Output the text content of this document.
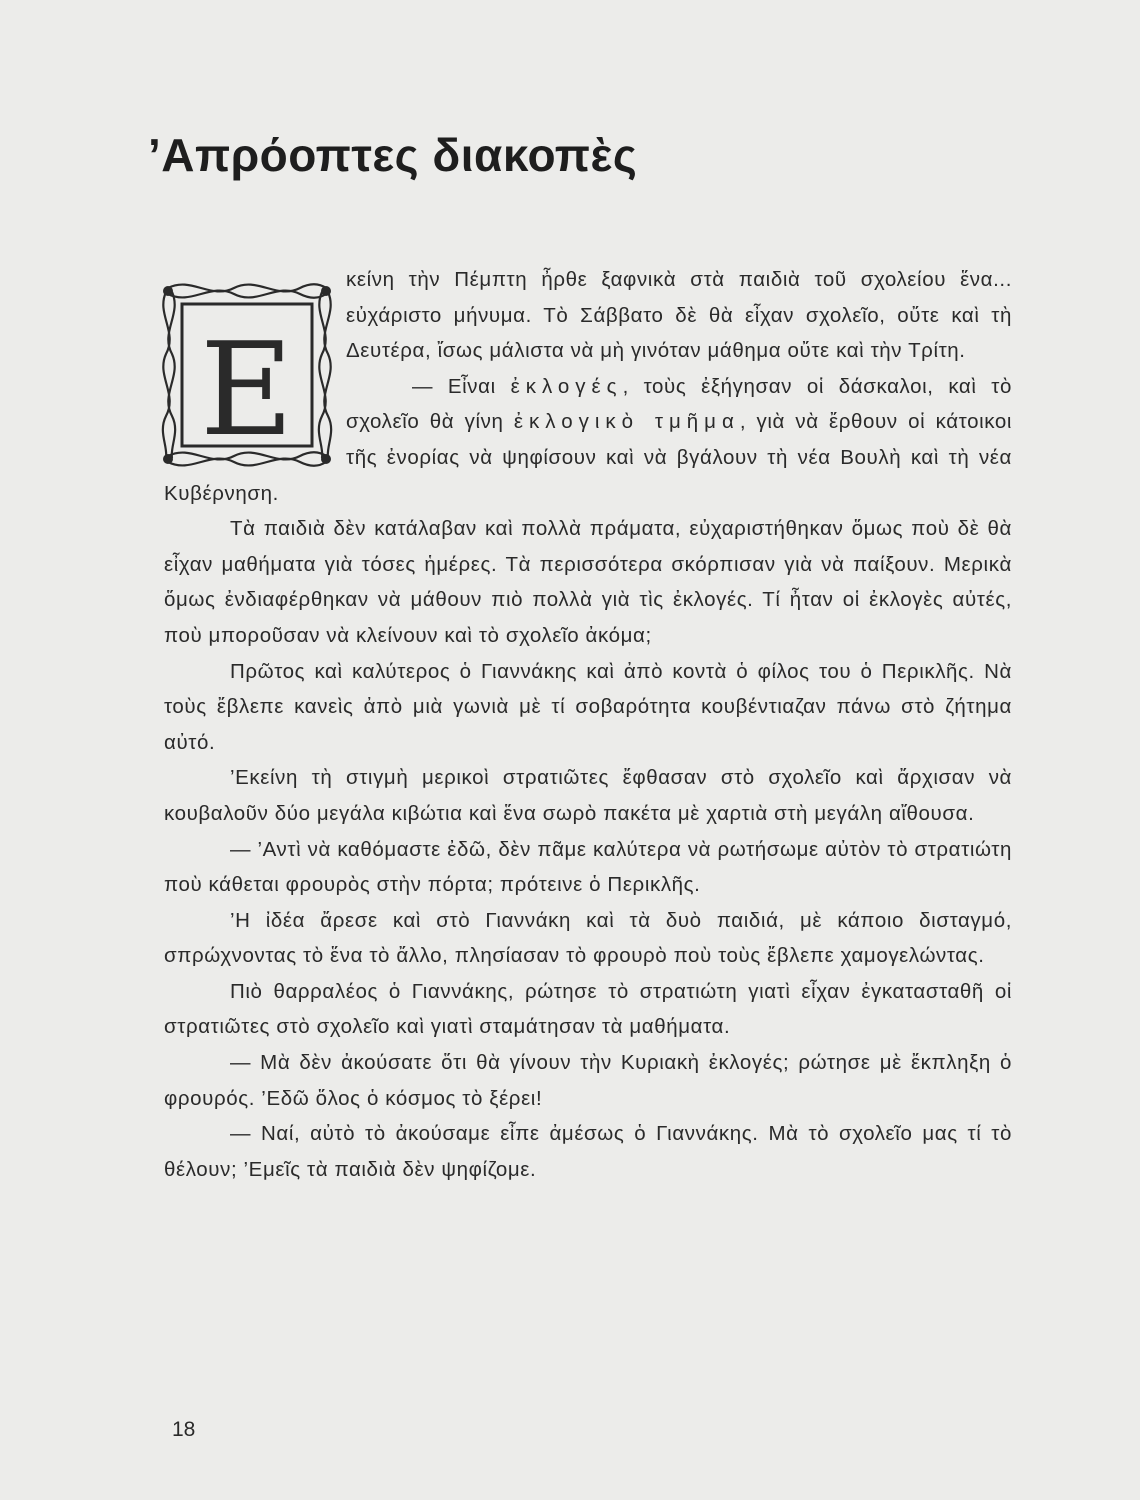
’Απρόοπτες διακοπὲς

Ε
κείνη τὴν Πέμπτη ἦρθε ξαφνικὰ στὰ παιδιὰ τοῦ σχολείου ἕνα... εὐχάριστο μήνυμα. Τὸ Σάββατο δὲ θὰ εἶχαν σχολεῖο, οὔτε καὶ τὴ Δευτέρα, ἴσως μάλιστα νὰ μὴ γινόταν μάθημα οὔτε καὶ τὴν Τρίτη.

— Εἶναι ἐκλογές, τοὺς ἐξήγησαν οἱ δάσκαλοι, καὶ τὸ σχολεῖο θὰ γίνη ἐκλογικὸ τμῆμα, γιὰ νὰ ἔρθουν οἱ κάτοικοι τῆς ἐνορίας νὰ ψηφίσουν καὶ νὰ βγάλουν τὴ νέα Βουλὴ καὶ τὴ νέα Κυβέρνηση.

Τὰ παιδιὰ δὲν κατάλαβαν καὶ πολλὰ πράματα, εὐχαριστήθηκαν ὅμως ποὺ δὲ θὰ εἶχαν μαθήματα γιὰ τόσες ἡμέρες. Τὰ περισσότερα σκόρπισαν γιὰ νὰ παίξουν. Μερικὰ ὅμως ἐνδιαφέρθηκαν νὰ μάθουν πιὸ πολλὰ γιὰ τὶς ἐκλογές. Τί ἦταν οἱ ἐκλογὲς αὐτές, ποὺ μποροῦσαν νὰ κλείνουν καὶ τὸ σχολεῖο ἀκόμα;

Πρῶτος καὶ καλύτερος ὁ Γιαννάκης καὶ ἀπὸ κοντὰ ὁ φίλος του ὁ Περικλῆς. Νὰ τοὺς ἔβλεπε κανεὶς ἀπὸ μιὰ γωνιὰ μὲ τί σοβαρότητα κουβέντιαζαν πάνω στὸ ζήτημα αὐτό.

’Εκείνη τὴ στιγμὴ μερικοὶ στρατιῶτες ἔφθασαν στὸ σχολεῖο καὶ ἄρχισαν νὰ κουβαλοῦν δύο μεγάλα κιβώτια καὶ ἕνα σωρὸ πακέτα μὲ χαρτιὰ στὴ μεγάλη αἴθουσα.

— ’Αντὶ νὰ καθόμαστε ἐδῶ, δὲν πᾶμε καλύτερα νὰ ρωτήσωμε αὐτὸν τὸ στρατιώτη ποὺ κάθεται φρουρὸς στὴν πόρτα; πρότεινε ὁ Περικλῆς.

’Η ἰδέα ἄρεσε καὶ στὸ Γιαννάκη καὶ τὰ δυὸ παιδιά, μὲ κάποιο δισταγμό, σπρώχνοντας τὸ ἕνα τὸ ἄλλο, πλησίασαν τὸ φρουρὸ ποὺ τοὺς ἔβλεπε χαμογελώντας.

Πιὸ θαρραλέος ὁ Γιαννάκης, ρώτησε τὸ στρατιώτη γιατὶ εἶχαν ἐγκατασταθῆ οἱ στρατιῶτες στὸ σχολεῖο καὶ γιατὶ σταμάτησαν τὰ μαθήματα.

— Μὰ δὲν ἀκούσατε ὅτι θὰ γίνουν τὴν Κυριακὴ ἐκλογές; ρώτησε μὲ ἔκπληξη ὁ φρουρός. ’Εδῶ ὅλος ὁ κόσμος τὸ ξέρει!

— Ναί, αὐτὸ τὸ ἀκούσαμε εἶπε ἀμέσως ὁ Γιαννάκης. Μὰ τὸ σχολεῖο μας τί τὸ θέλουν; ’Εμεῖς τὰ παιδιὰ δὲν ψηφίζομε.

18
